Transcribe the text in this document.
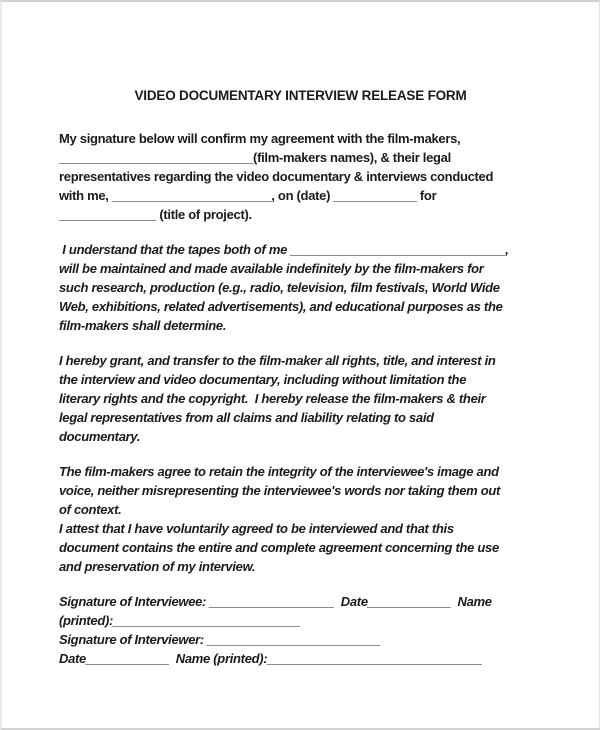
VIDEO DOCUMENTARY INTERVIEW RELEASE FORM
My signature below will confirm my agreement with the film-makers,
____________________________(film-makers names), & their legal
representatives regarding the video documentary & interviews conducted
with me, _______________________, on (date) ____________ for
______________ (title of project).
I understand that the tapes both of me _______________________________,
will be maintained and made available indefinitely by the film-makers for
such research, production (e.g., radio, television, film festivals, World Wide
Web, exhibitions, related advertisements), and educational purposes as the
film-makers shall determine.
I hereby grant, and transfer to the film-maker all rights, title, and interest in
the interview and video documentary, including without limitation the
literary rights and the copyright.  I hereby release the film-makers & their
legal representatives from all claims and liability relating to said
documentary.
The film-makers agree to retain the integrity of the interviewee's image and
voice, neither misrepresenting the interviewee's words nor taking them out
of context.
I attest that I have voluntarily agreed to be interviewed and that this
document contains the entire and complete agreement concerning the use
and preservation of my interview.
Signature of Interviewee: __________________  Date____________  Name
(printed):___________________________
Signature of Interviewer: _________________________
Date____________  Name (printed):_______________________________
